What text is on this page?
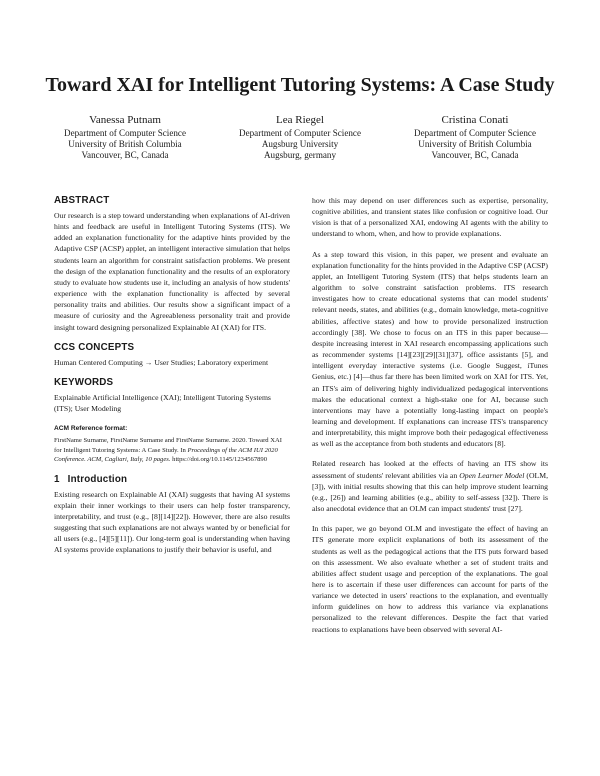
Toward XAI for Intelligent Tutoring Systems: A Case Study
Vanessa Putnam
Department of Computer Science
University of British Columbia
Vancouver, BC, Canada
Lea Riegel
Department of Computer Science
Augsburg University
Augsburg, germany
Cristina Conati
Department of Computer Science
University of British Columbia
Vancouver, BC, Canada
ABSTRACT

Our research is a step toward understanding when explanations of AI-driven hints and feedback are useful in Intelligent Tutoring Systems (ITS). We added an explanation functionality for the adaptive hints provided by the Adaptive CSP (ACSP) applet, an intelligent interactive simulation that helps students learn an algorithm for constraint satisfaction problems. We present the design of the explanation functionality and the results of an exploratory study to evaluate how students use it, including an analysis of how students' experience with the explanation functionality is affected by several personality traits and abilities. Our results show a significant impact of a measure of curiosity and the Agreeableness personality trait and provide insight toward designing personalized Explainable AI (XAI) for ITS.

CCS CONCEPTS

Human Centered Computing → User Studies; Laboratory experiment

KEYWORDS

Explainable Artificial Intelligence (XAI); Intelligent Tutoring Systems (ITS); User Modeling

ACM Reference format:

FirstName Surname, FirstName Surname and FirstName Surname. 2020. Toward XAI for Intelligent Tutoring Systems: A Case Study. In Proceedings of the ACM IUI 2020 Conference. ACM, Cagliari, Italy, 10 pages. https://doi.org/10.1145/1234567890

1 Introduction

Existing research on Explainable AI (XAI) suggests that having AI systems explain their inner workings to their users can help foster transparency, interpretability, and trust (e.g., [8][14][22]). However, there are also results suggesting that such explanations are not always wanted by or beneficial for all users (e.g., [4][5][11]). Our long-term goal is understanding when having AI systems provide explanations to justify their behavior is useful, and

how this may depend on user differences such as expertise, personality, cognitive abilities, and transient states like confusion or cognitive load. Our vision is that of a personalized XAI, endowing AI agents with the ability to understand to whom, when, and how to provide explanations.

As a step toward this vision, in this paper, we present and evaluate an explanation functionality for the hints provided in the Adaptive CSP (ACSP) applet, an Intelligent Tutoring System (ITS) that helps students learn an algorithm to solve constraint satisfaction problems. ITS research investigates how to create educational systems that can model students' relevant needs, states, and abilities (e.g., domain knowledge, meta-cognitive abilities, affective states) and how to provide personalized instruction accordingly [38]. We chose to focus on an ITS in this paper because—despite increasing interest in XAI research encompassing applications such as recommender systems [14][23][29][31][37], office assistants [5], and intelligent everyday interactive systems (i.e. Google Suggest, iTunes Genius, etc.) [4]—thus far there has been limited work on XAI for ITS. Yet, an ITS's aim of delivering highly individualized pedagogical interventions makes the educational context a high-stake one for AI, because such interventions may have a potentially long-lasting impact on people's learning and development. If explanations can increase ITS's transparency and interpretability, this might improve both their pedagogical effectiveness as well as the acceptance from both students and educators [8].

Related research has looked at the effects of having an ITS show its assessment of students' relevant abilities via an Open Learner Model (OLM, [3]), with initial results showing that this can help improve student learning (e.g., [26]) and learning abilities (e.g., ability to self-assess [32]). There is also anecdotal evidence that an OLM can impact students' trust [27].

In this paper, we go beyond OLM and investigate the effect of having an ITS generate more explicit explanations of both its assessment of the students as well as the pedagogical actions that the ITS puts forward based on this assessment. We also evaluate whether a set of student traits and abilities affect student usage and perception of the explanations. The goal here is to ascertain if these user differences can account for parts of the variance we detected in users' reactions to the explanation, and eventually inform guidelines on how to address this variance via explanations personalized to the relevant differences. Despite the fact that varied reactions to explanations have been observed with several AI-
